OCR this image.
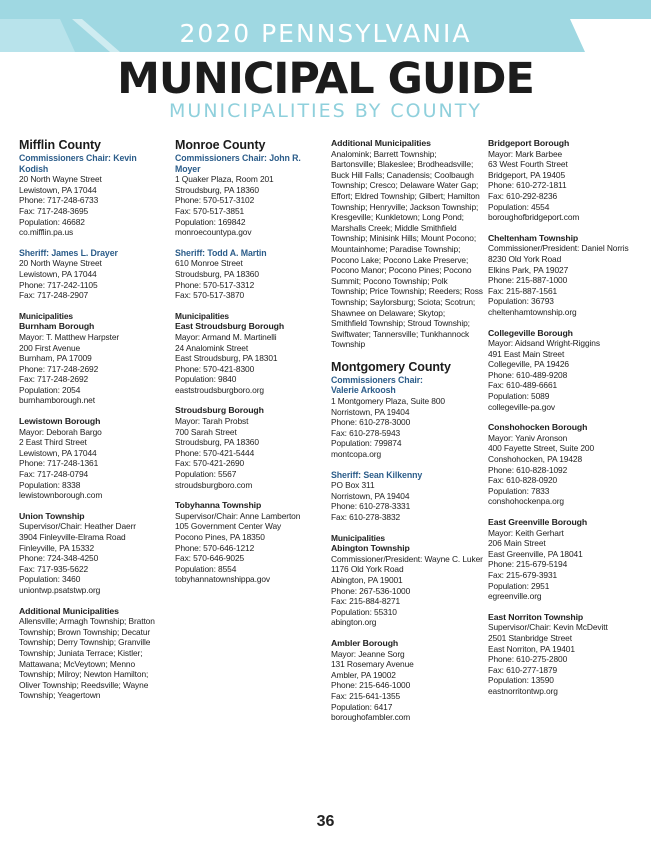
2020 PENNSYLVANIA
MUNICIPAL GUIDE
MUNICIPALITIES BY COUNTY
Mifflin County
Commissioners Chair: Kevin Kodish
20 North Wayne Street
Lewistown, PA 17044
Phone: 717-248-6733
Fax: 717-248-3695
Population: 46682
co.mifflin.pa.us
Sheriff: James L. Drayer
20 North Wayne Street
Lewistown, PA 17044
Phone: 717-242-1105
Fax: 717-248-2907
Municipalities
Burnham Borough
Mayor: T. Matthew Harpster
200 First Avenue
Burnham, PA 17009
Phone: 717-248-2692
Fax: 717-248-2692
Population: 2054
burnhamborough.net
Lewistown Borough
Mayor: Deborah Bargo
2 East Third Street
Lewistown, PA 17044
Phone: 717-248-1361
Fax: 717-248-0794
Population: 8338
lewistownborough.com
Union Township
Supervisor/Chair: Heather Daerr
3904 Finleyville-Elrama Road
Finleyville, PA 15332
Phone: 724-348-4250
Fax: 717-935-5622
Population: 3460
uniontwp.psatstwp.org
Additional Municipalities
Allensville; Armagh Township; Bratton Township; Brown Township; Decatur Township; Derry Township; Granville Township; Juniata Terrace; Kistler; Mattawana; McVeytown; Menno Township; Milroy; Newton Hamilton; Oliver Township; Reedsville; Wayne Township; Yeagertown
Monroe County
Commissioners Chair: John R. Moyer
1 Quaker Plaza, Room 201
Stroudsburg, PA 18360
Phone: 570-517-3102
Fax: 570-517-3851
Population: 169842
monroecountypa.gov
Sheriff: Todd A. Martin
610 Monroe Street
Stroudsburg, PA 18360
Phone: 570-517-3312
Fax: 570-517-3870
Municipalities
East Stroudsburg Borough
Mayor: Armand M. Martinelli
24 Analomink Street
East Stroudsburg, PA 18301
Phone: 570-421-8300
Population: 9840
eaststroudsburgboro.org
Stroudsburg Borough
Mayor: Tarah Probst
700 Sarah Street
Stroudsburg, PA 18360
Phone: 570-421-5444
Fax: 570-421-2690
Population: 5567
stroudsburgboro.com
Tobyhanna Township
Supervisor/Chair: Anne Lamberton
105 Government Center Way
Pocono Pines, PA 18350
Phone: 570-646-1212
Fax: 570-646-9025
Population: 8554
tobyhannatownshippa.gov
Additional Municipalities
Analomink; Barrett Township; Bartonsville; Blakeslee; Brodheadsville; Buck Hill Falls; Canadensis; Coolbaugh Township; Cresco; Delaware Water Gap; Effort; Eldred Township; Gilbert; Hamilton Township; Henryville; Jackson Township; Kresgeville; Kunkletown; Long Pond; Marshalls Creek; Middle Smithfield Township; Minisink Hills; Mount Pocono; Mountainhome; Paradise Township; Pocono Lake; Pocono Lake Preserve; Pocono Manor; Pocono Pines; Pocono Summit; Pocono Township; Polk Township; Price Township; Reeders; Ross Township; Saylorsburg; Sciota; Scotrun; Shawnee on Delaware; Skytop; Smithfield Township; Stroud Township; Swiftwater; Tannersville; Tunkhannock Township
Montgomery County
Commissioners Chair:
Valerie Arkoosh
1 Montgomery Plaza, Suite 800
Norristown, PA 19404
Phone: 610-278-3000
Fax: 610-278-5943
Population: 799874
montcopa.org
Sheriff: Sean Kilkenny
PO Box 311
Norristown, PA 19404
Phone: 610-278-3331
Fax: 610-278-3832
Municipalities
Abington Township
Commissioner/President: Wayne C. Luker
1176 Old York Road
Abington, PA 19001
Phone: 267-536-1000
Fax: 215-884-8271
Population: 55310
abington.org
Ambler Borough
Mayor: Jeanne Sorg
131 Rosemary Avenue
Ambler, PA 19002
Phone: 215-646-1000
Fax: 215-641-1355
Population: 6417
boroughofambler.com
Bridgeport Borough
Mayor: Mark Barbee
63 West Fourth Street
Bridgeport, PA 19405
Phone: 610-272-1811
Fax: 610-292-8236
Population: 4554
boroughofbridgeport.com
Cheltenham Township
Commissioner/President: Daniel Norris
8230 Old York Road
Elkins Park, PA 19027
Phone: 215-887-1000
Fax: 215-887-1561
Population: 36793
cheltenhamtownship.org
Collegeville Borough
Mayor: Aidsand Wright-Riggins
491 East Main Street
Collegeville, PA 19426
Phone: 610-489-9208
Fax: 610-489-6661
Population: 5089
collegeville-pa.gov
Conshohocken Borough
Mayor: Yaniv Aronson
400 Fayette Street, Suite 200
Conshohocken, PA 19428
Phone: 610-828-1092
Fax: 610-828-0920
Population: 7833
conshohockenpa.org
East Greenville Borough
Mayor: Keith Gerhart
206 Main Street
East Greenville, PA 18041
Phone: 215-679-5194
Fax: 215-679-3931
Population: 2951
egreenville.org
East Norriton Township
Supervisor/Chair: Kevin McDevitt
2501 Stanbridge Street
East Norriton, PA 19401
Phone: 610-275-2800
Fax: 610-277-1879
Population: 13590
eastnorritontwp.org
36
